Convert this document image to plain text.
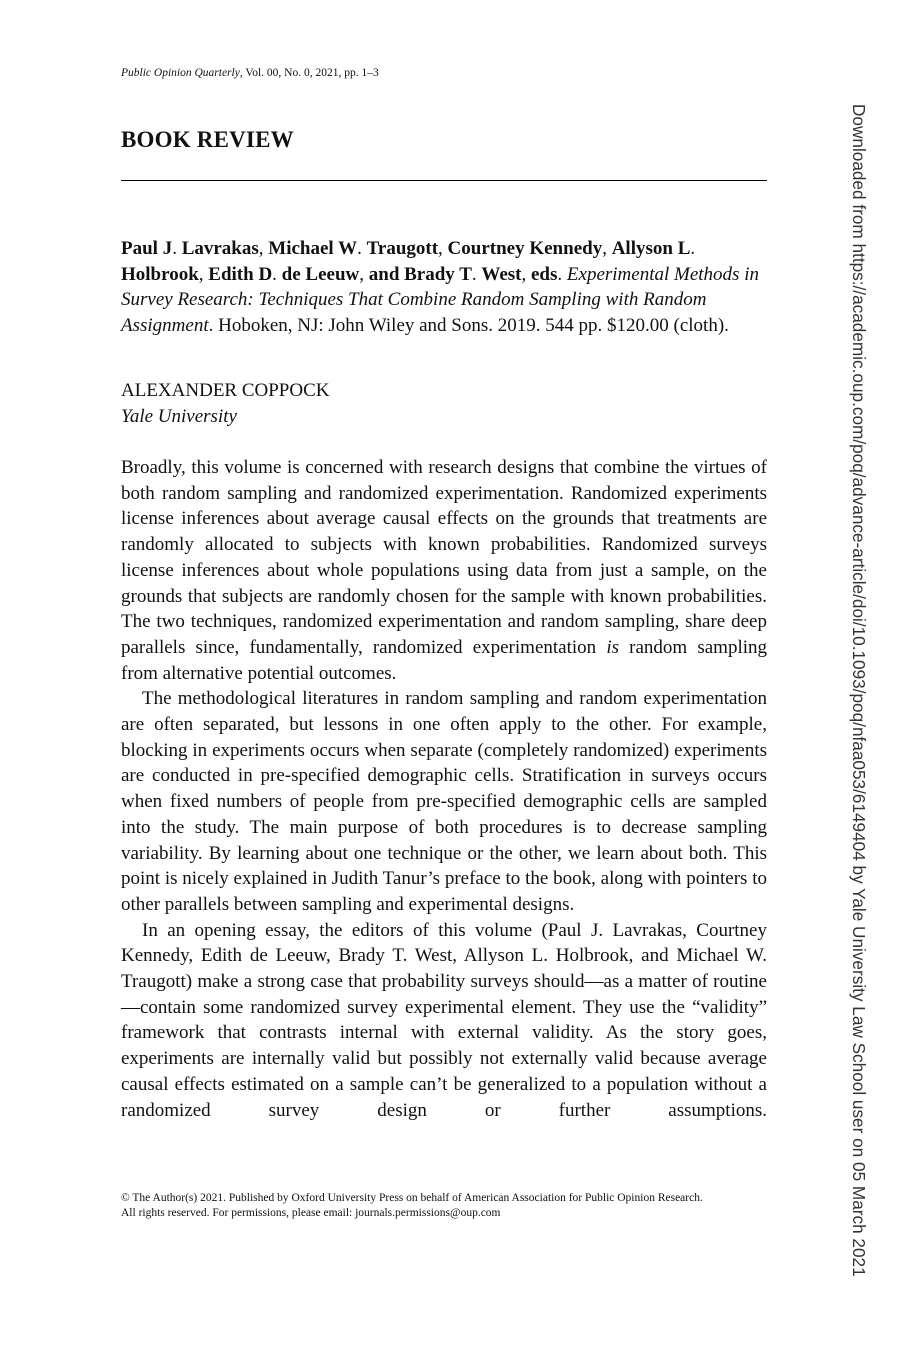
Public Opinion Quarterly, Vol. 00, No. 0, 2021, pp. 1–3
BOOK REVIEW

Paul J. Lavrakas, Michael W. Traugott, Courtney Kennedy, Allyson L. Holbrook, Edith D. de Leeuw, and Brady T. West, eds. Experimental Methods in Survey Research: Techniques That Combine Random Sampling with Random Assignment. Hoboken, NJ: John Wiley and Sons. 2019. 544 pp. $120.00 (cloth).

ALEXANDER COPPOCK
Yale University

Broadly, this volume is concerned with research designs that combine the virtues of both random sampling and randomized experimentation. Randomized experiments license inferences about average causal effects on the grounds that treatments are randomly allocated to subjects with known probabilities. Randomized surveys license inferences about whole populations using data from just a sample, on the grounds that subjects are randomly chosen for the sample with known probabilities. The two techniques, randomized experimentation and random sampling, share deep parallels since, fundamentally, randomized experimentation is random sampling from alternative potential outcomes.

The methodological literatures in random sampling and random experimentation are often separated, but lessons in one often apply to the other. For example, blocking in experiments occurs when separate (completely randomized) experiments are conducted in pre-specified demographic cells. Stratification in surveys occurs when fixed numbers of people from pre-specified demographic cells are sampled into the study. The main purpose of both procedures is to decrease sampling variability. By learning about one technique or the other, we learn about both. This point is nicely explained in Judith Tanur’s preface to the book, along with pointers to other parallels between sampling and experimental designs.

In an opening essay, the editors of this volume (Paul J. Lavrakas, Courtney Kennedy, Edith de Leeuw, Brady T. West, Allyson L. Holbrook, and Michael W. Traugott) make a strong case that probability surveys should—as a matter of routine—contain some randomized survey experimental element. They use the “validity” framework that contrasts internal with external validity. As the story goes, experiments are internally valid but possibly not externally valid because average causal effects estimated on a sample can’t be generalized to a population without a randomized survey design or further assumptions.

© The Author(s) 2021. Published by Oxford University Press on behalf of American Association for Public Opinion Research.
All rights reserved. For permissions, please email: journals.permissions@oup.com	Downloaded from https://academic.oup.com/poq/advance-article/doi/10.1093/poq/nfaa053/6149404 by Yale University Law School user on 05 March 2021
